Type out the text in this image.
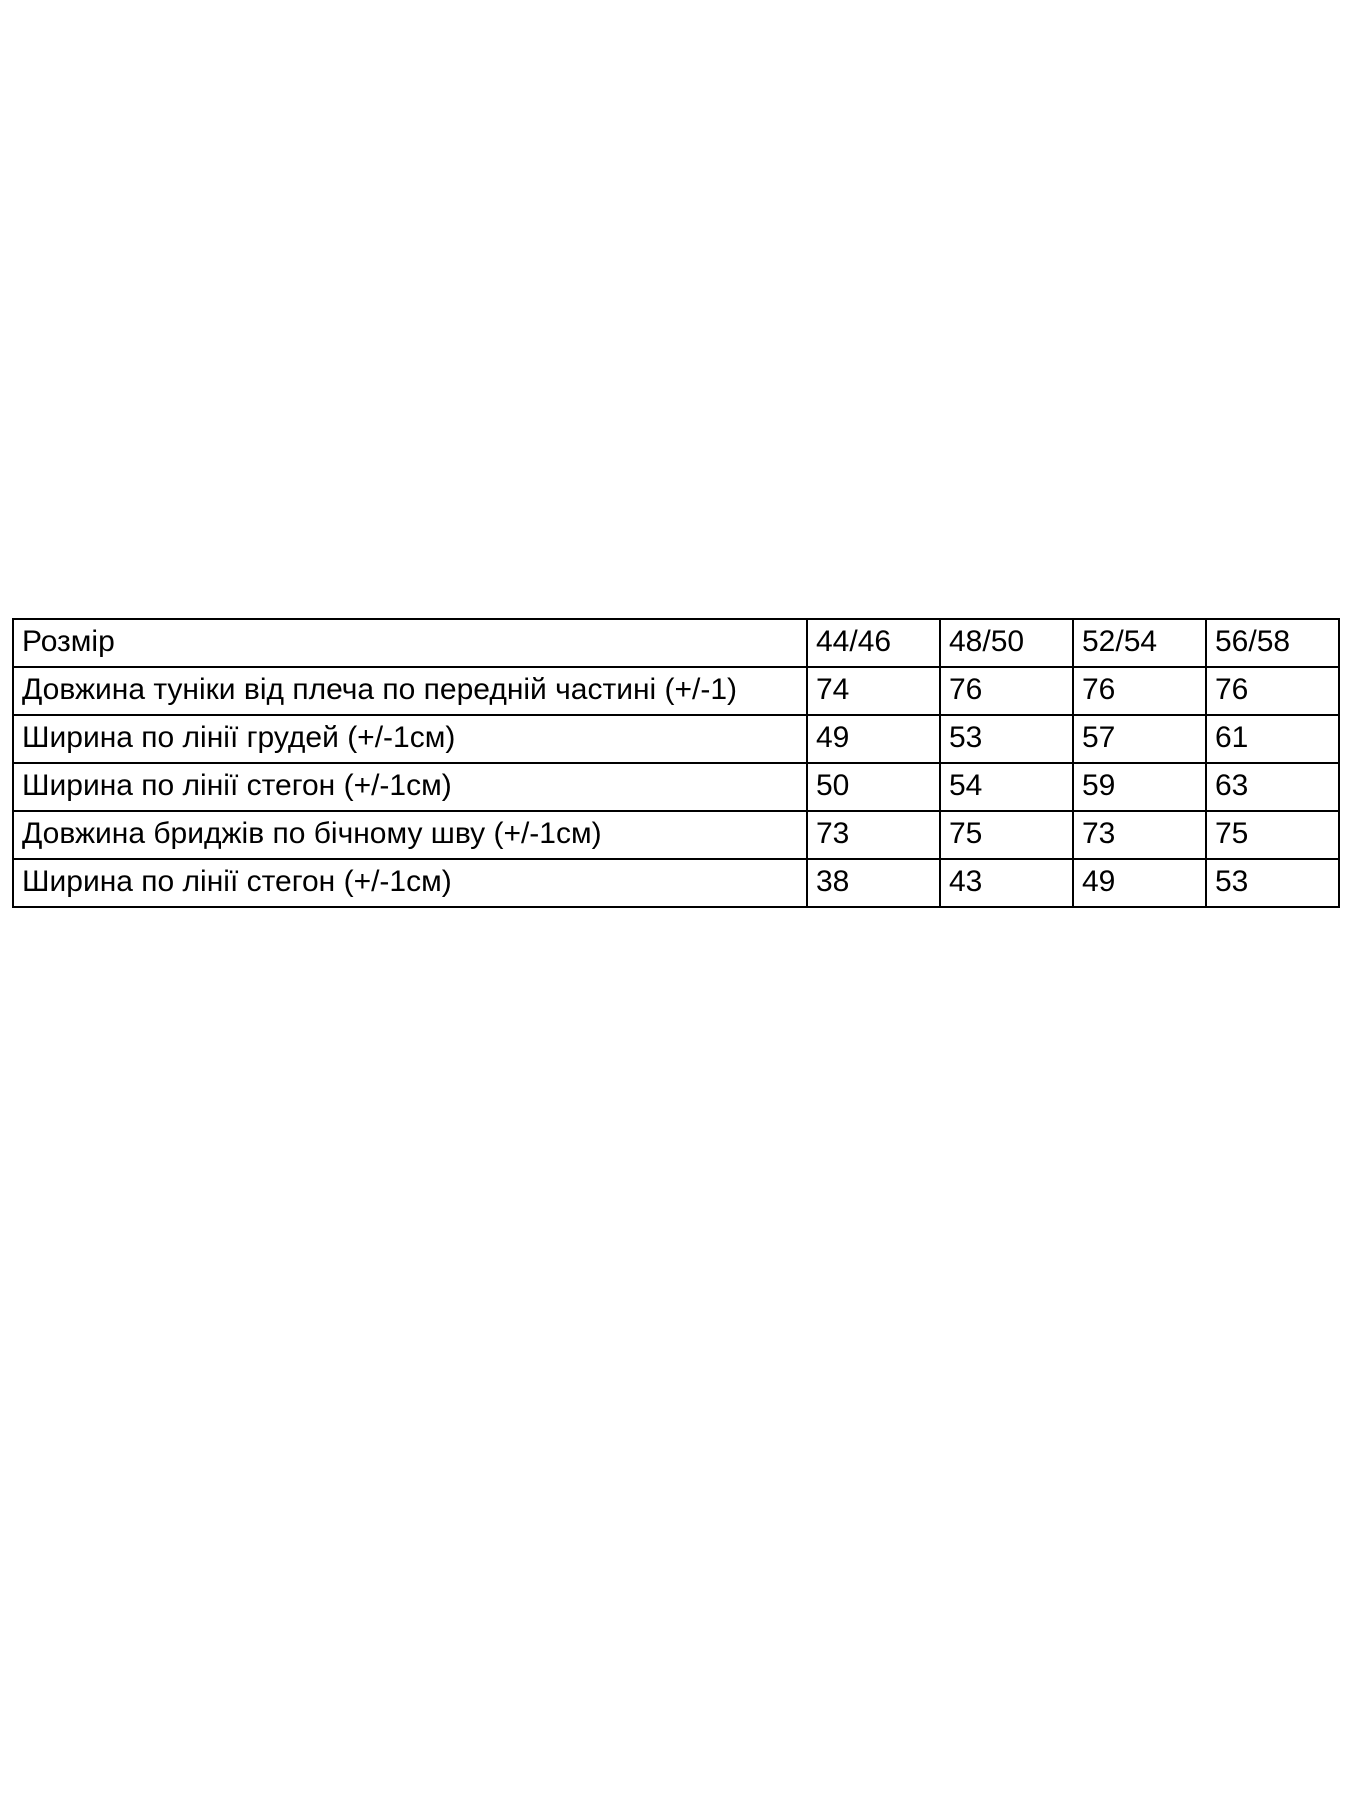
Розмір	44/46	48/50	52/54	56/58
Довжина туніки від плеча по передній частині (+/-1)	74	76	76	76
Ширина по лінії грудей (+/-1см)	49	53	57	61
Ширина по лінії стегон (+/-1см)	50	54	59	63
Довжина бриджів по бічному шву (+/-1см)	73	75	73	75
Ширина по лінії стегон (+/-1см)	38	43	49	53
